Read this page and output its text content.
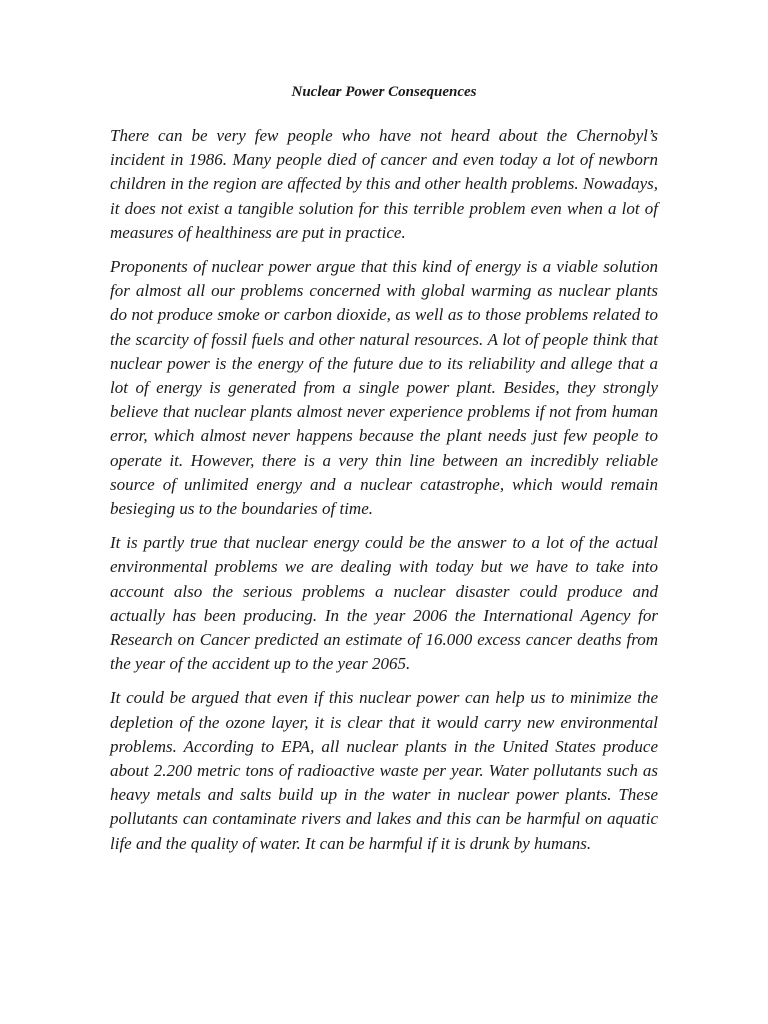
Nuclear Power Consequences

There can be very few people who have not heard about the Chernobyl’s incident in 1986. Many people died of cancer and even today a lot of newborn children in the region are affected by this and other health problems. Nowadays, it does not exist a tangible solution for this terrible problem even when a lot of measures of healthiness are put in practice.

Proponents of nuclear power argue that this kind of energy is a viable solution for almost all our problems concerned with global warming as nuclear plants do not produce smoke or carbon dioxide, as well as to those problems related to the scarcity of fossil fuels and other natural resources. A lot of people think that nuclear power is the energy of the future due to its reliability and allege that a lot of energy is generated from a single power plant. Besides, they strongly believe that nuclear plants almost never experience problems if not from human error, which almost never happens because the plant needs just few people to operate it. However, there is a very thin line between an incredibly reliable source of unlimited energy and a nuclear catastrophe, which would remain besieging us to the boundaries of time.

It is partly true that nuclear energy could be the answer to a lot of the actual environmental problems we are dealing with today but we have to take into account also the serious problems a nuclear disaster could produce and actually has been producing. In the year 2006 the International Agency for Research on Cancer predicted an estimate of 16.000 excess cancer deaths from the year of the accident up to the year 2065.

It could be argued that even if this nuclear power can help us to minimize the depletion of the ozone layer, it is clear that it would carry new environmental problems. According to EPA, all nuclear plants in the United States produce about 2.200 metric tons of radioactive waste per year. Water pollutants such as heavy metals and salts build up in the water in nuclear power plants. These pollutants can contaminate rivers and lakes and this can be harmful on aquatic life and the quality of water. It can be harmful if it is drunk by humans.
